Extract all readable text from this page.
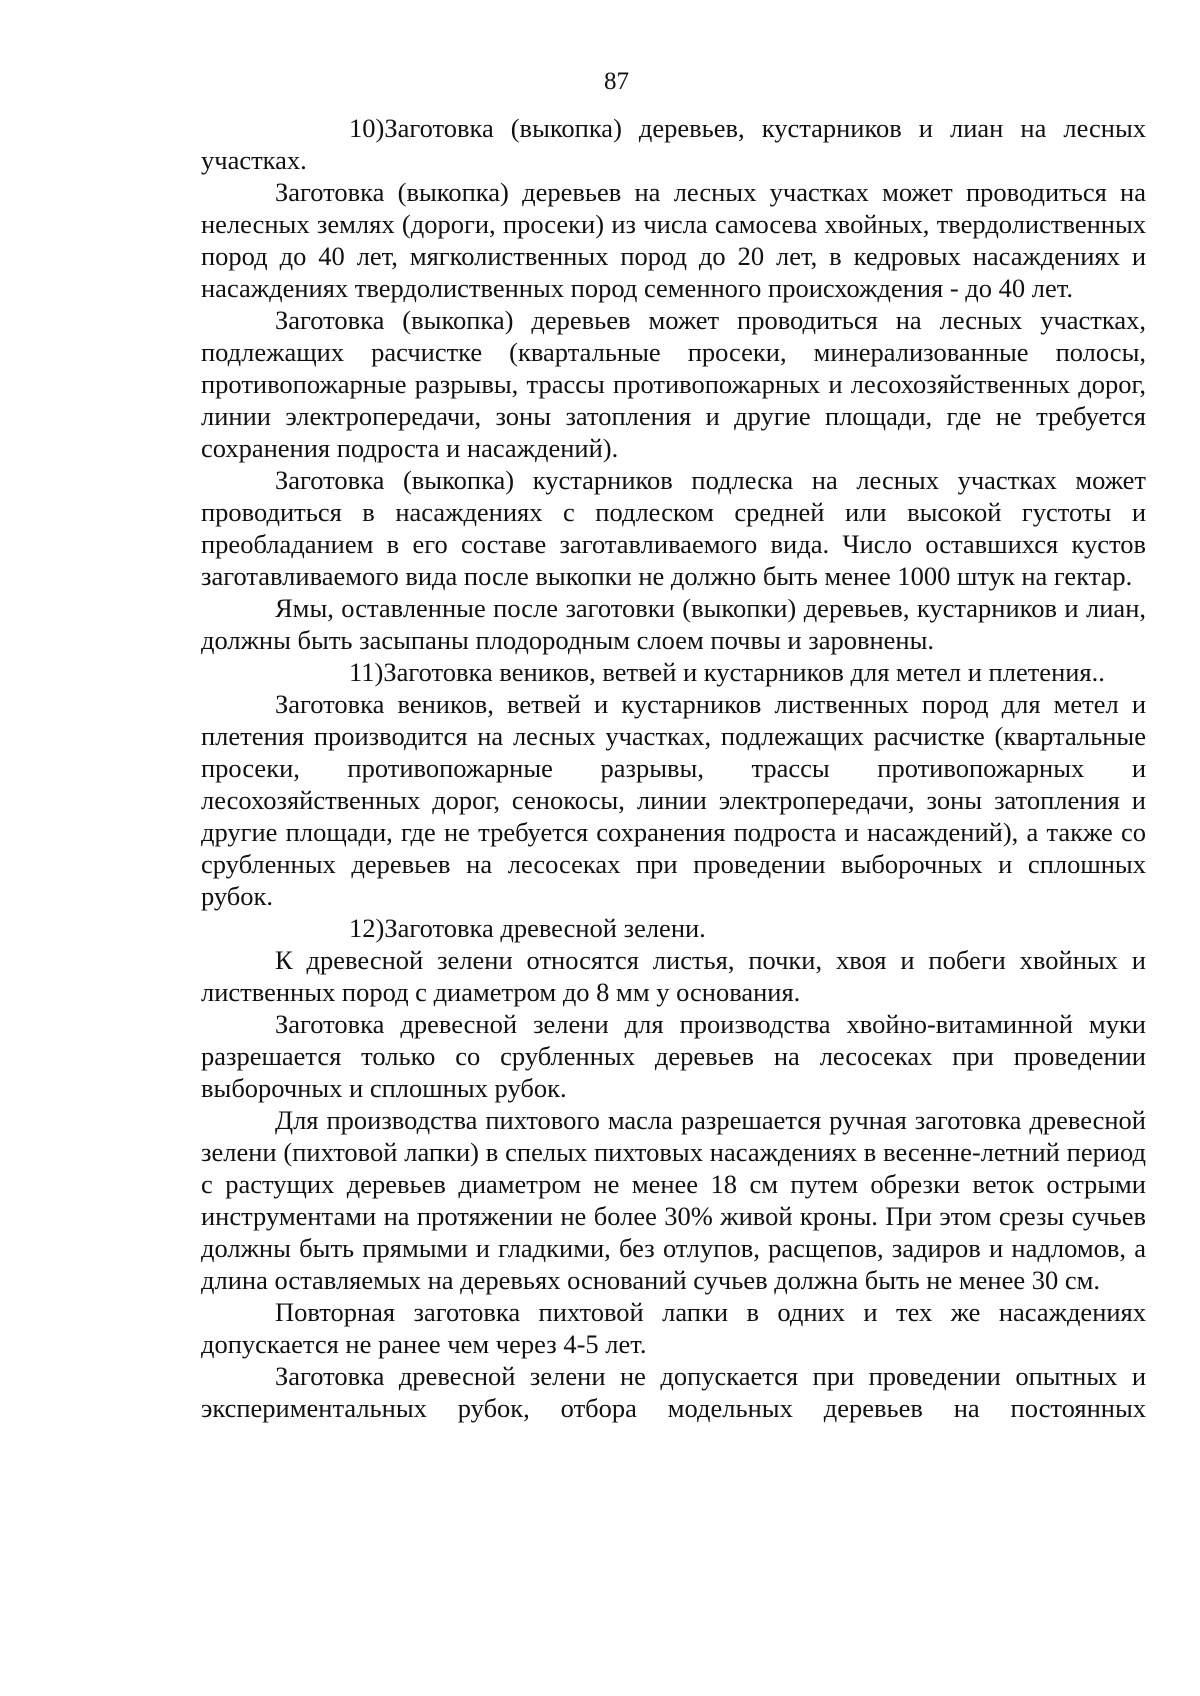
87

10)Заготовка (выкопка) деревьев, кустарников и лиан на лесных участках.

Заготовка (выкопка) деревьев на лесных участках может проводиться на нелесных землях (дороги, просеки) из числа самосева хвойных, твердолиственных пород до 40 лет, мягколиственных пород до 20 лет, в кедровых насаждениях и насаждениях твердолиственных пород семенного происхождения - до 40 лет.

Заготовка (выкопка) деревьев может проводиться на лесных участках, подлежащих расчистке (квартальные просеки, минерализованные полосы, противопожарные разрывы, трассы противопожарных и лесохозяйственных дорог, линии электропередачи, зоны затопления и другие площади, где не требуется сохранения подроста и насаждений).

Заготовка (выкопка) кустарников подлеска на лесных участках может проводиться в насаждениях с подлеском средней или высокой густоты и преобладанием в его составе заготавливаемого вида. Число оставшихся кустов заготавливаемого вида после выкопки не должно быть менее 1000 штук на гектар.

Ямы, оставленные после заготовки (выкопки) деревьев, кустарников и лиан, должны быть засыпаны плодородным слоем почвы и заровнены.

11)Заготовка веников, ветвей и кустарников для метел и плетения..

Заготовка веников, ветвей и кустарников лиственных пород для метел и плетения производится на лесных участках, подлежащих расчистке (квартальные просеки, противопожарные разрывы, трассы противопожарных и лесохозяйственных дорог, сенокосы, линии электропередачи, зоны затопления и другие площади, где не требуется сохранения подроста и насаждений), а также со срубленных деревьев на лесосеках при проведении выборочных и сплошных рубок.

12)Заготовка древесной зелени.

К древесной зелени относятся листья, почки, хвоя и побеги хвойных и лиственных пород с диаметром до 8 мм у основания.

Заготовка древесной зелени для производства хвойно-витаминной муки разрешается только со срубленных деревьев на лесосеках при проведении выборочных и сплошных рубок.

Для производства пихтового масла разрешается ручная заготовка древесной зелени (пихтовой лапки) в спелых пихтовых насаждениях в весенне-летний период с растущих деревьев диаметром не менее 18 см путем обрезки веток острыми инструментами на протяжении не более 30% живой кроны. При этом срезы сучьев должны быть прямыми и гладкими, без отлупов, расщепов, задиров и надломов, а длина оставляемых на деревьях оснований сучьев должна быть не менее 30 см.

Повторная заготовка пихтовой лапки в одних и тех же насаждениях допускается не ранее чем через 4-5 лет.

Заготовка древесной зелени не допускается при проведении опытных и экспериментальных рубок, отбора модельных деревьев на постоянных
